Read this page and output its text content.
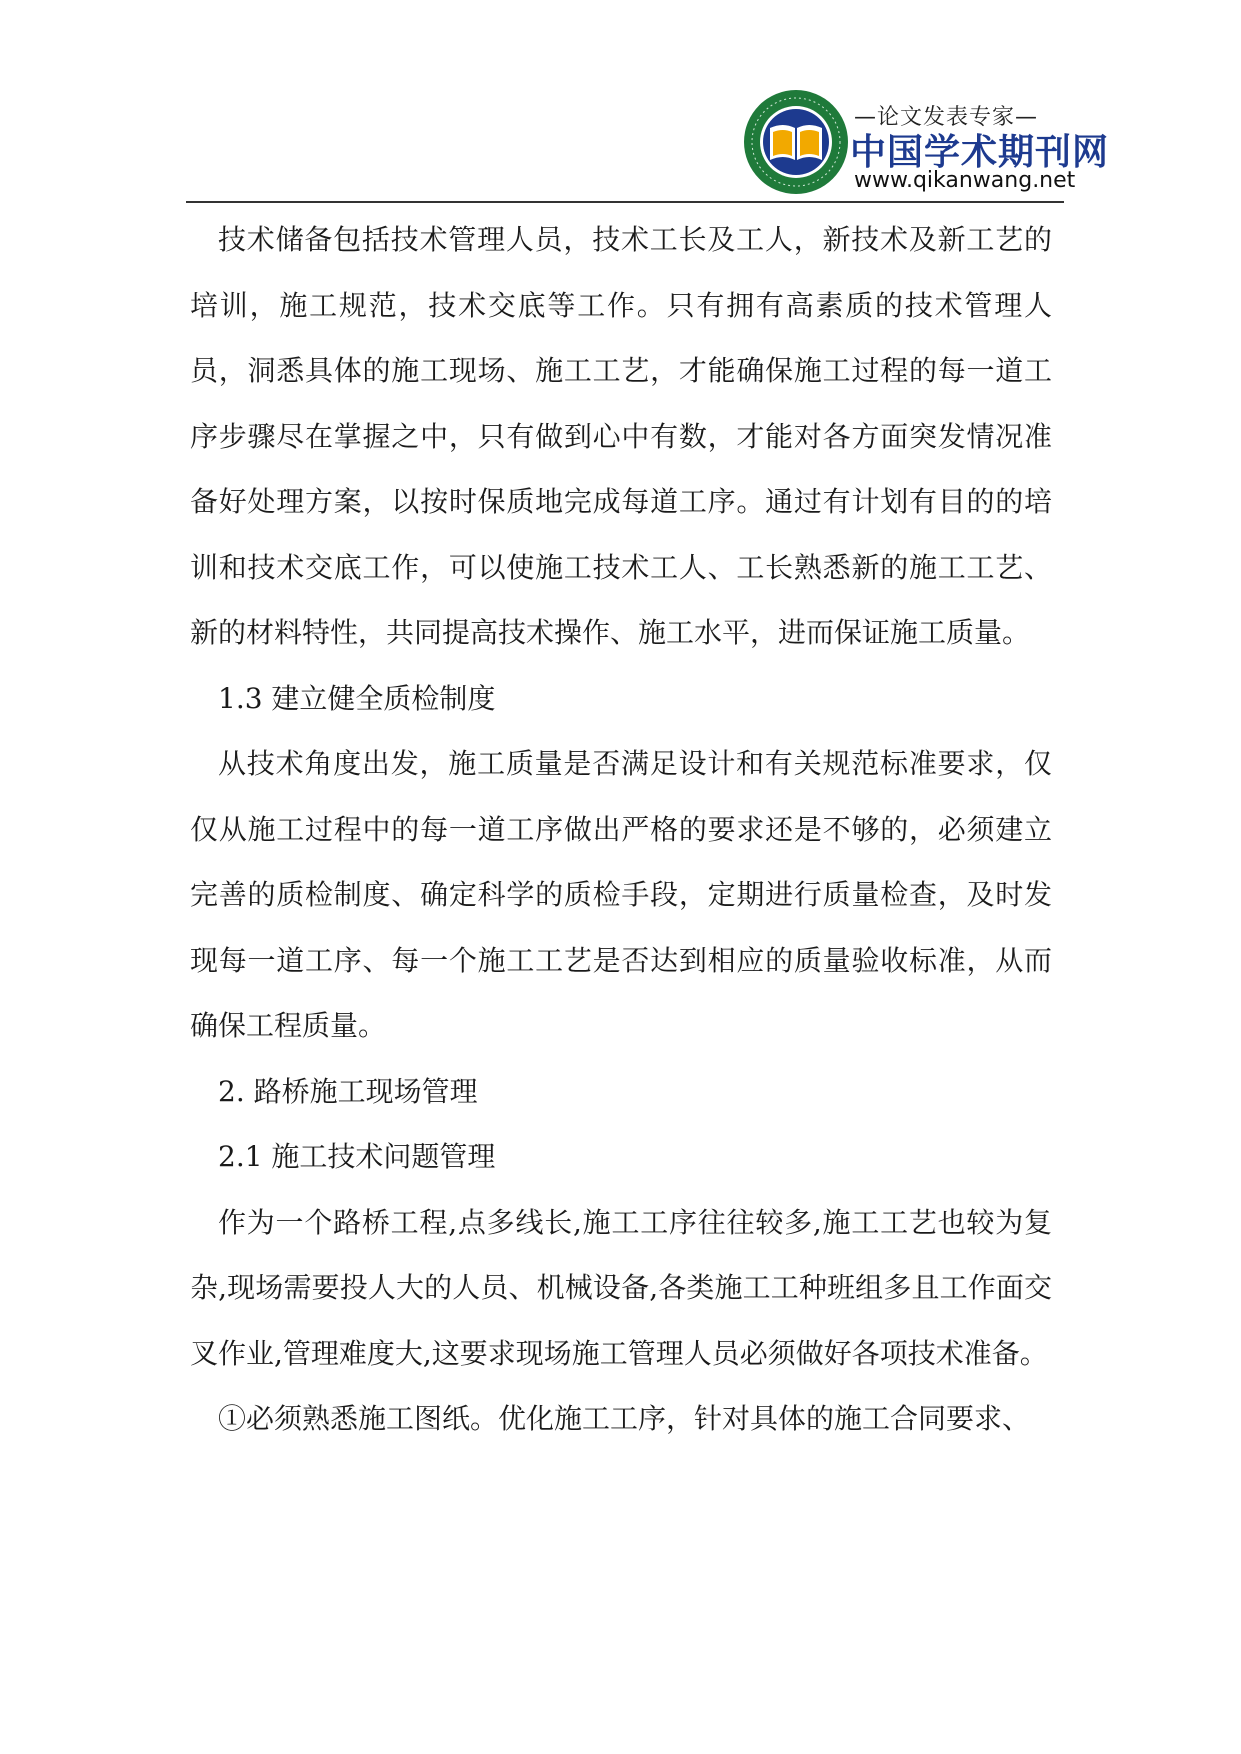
—论文发表专家—
中国学术期刊网
www.qikanwang.net

技术储备包括技术管理人员，技术工长及工人，新技术及新工艺的培训，施工规范，技术交底等工作。只有拥有高素质的技术管理人员，洞悉具体的施工现场、施工工艺，才能确保施工过程的每一道工序步骤尽在掌握之中，只有做到心中有数，才能对各方面突发情况准备好处理方案，以按时保质地完成每道工序。通过有计划有目的的培训和技术交底工作，可以使施工技术工人、工长熟悉新的施工工艺、新的材料特性，共同提高技术操作、施工水平，进而保证施工质量。

1.3 建立健全质检制度

从技术角度出发，施工质量是否满足设计和有关规范标准要求，仅仅从施工过程中的每一道工序做出严格的要求还是不够的，必须建立完善的质检制度、确定科学的质检手段，定期进行质量检查，及时发现每一道工序、每一个施工工艺是否达到相应的质量验收标准，从而确保工程质量。

2. 路桥施工现场管理

2.1 施工技术问题管理

作为一个路桥工程,点多线长,施工工序往往较多,施工工艺也较为复杂,现场需要投人大的人员、机械设备,各类施工工种班组多且工作面交叉作业,管理难度大,这要求现场施工管理人员必须做好各项技术准备。

①必须熟悉施工图纸。优化施工工序，针对具体的施工合同要求、
